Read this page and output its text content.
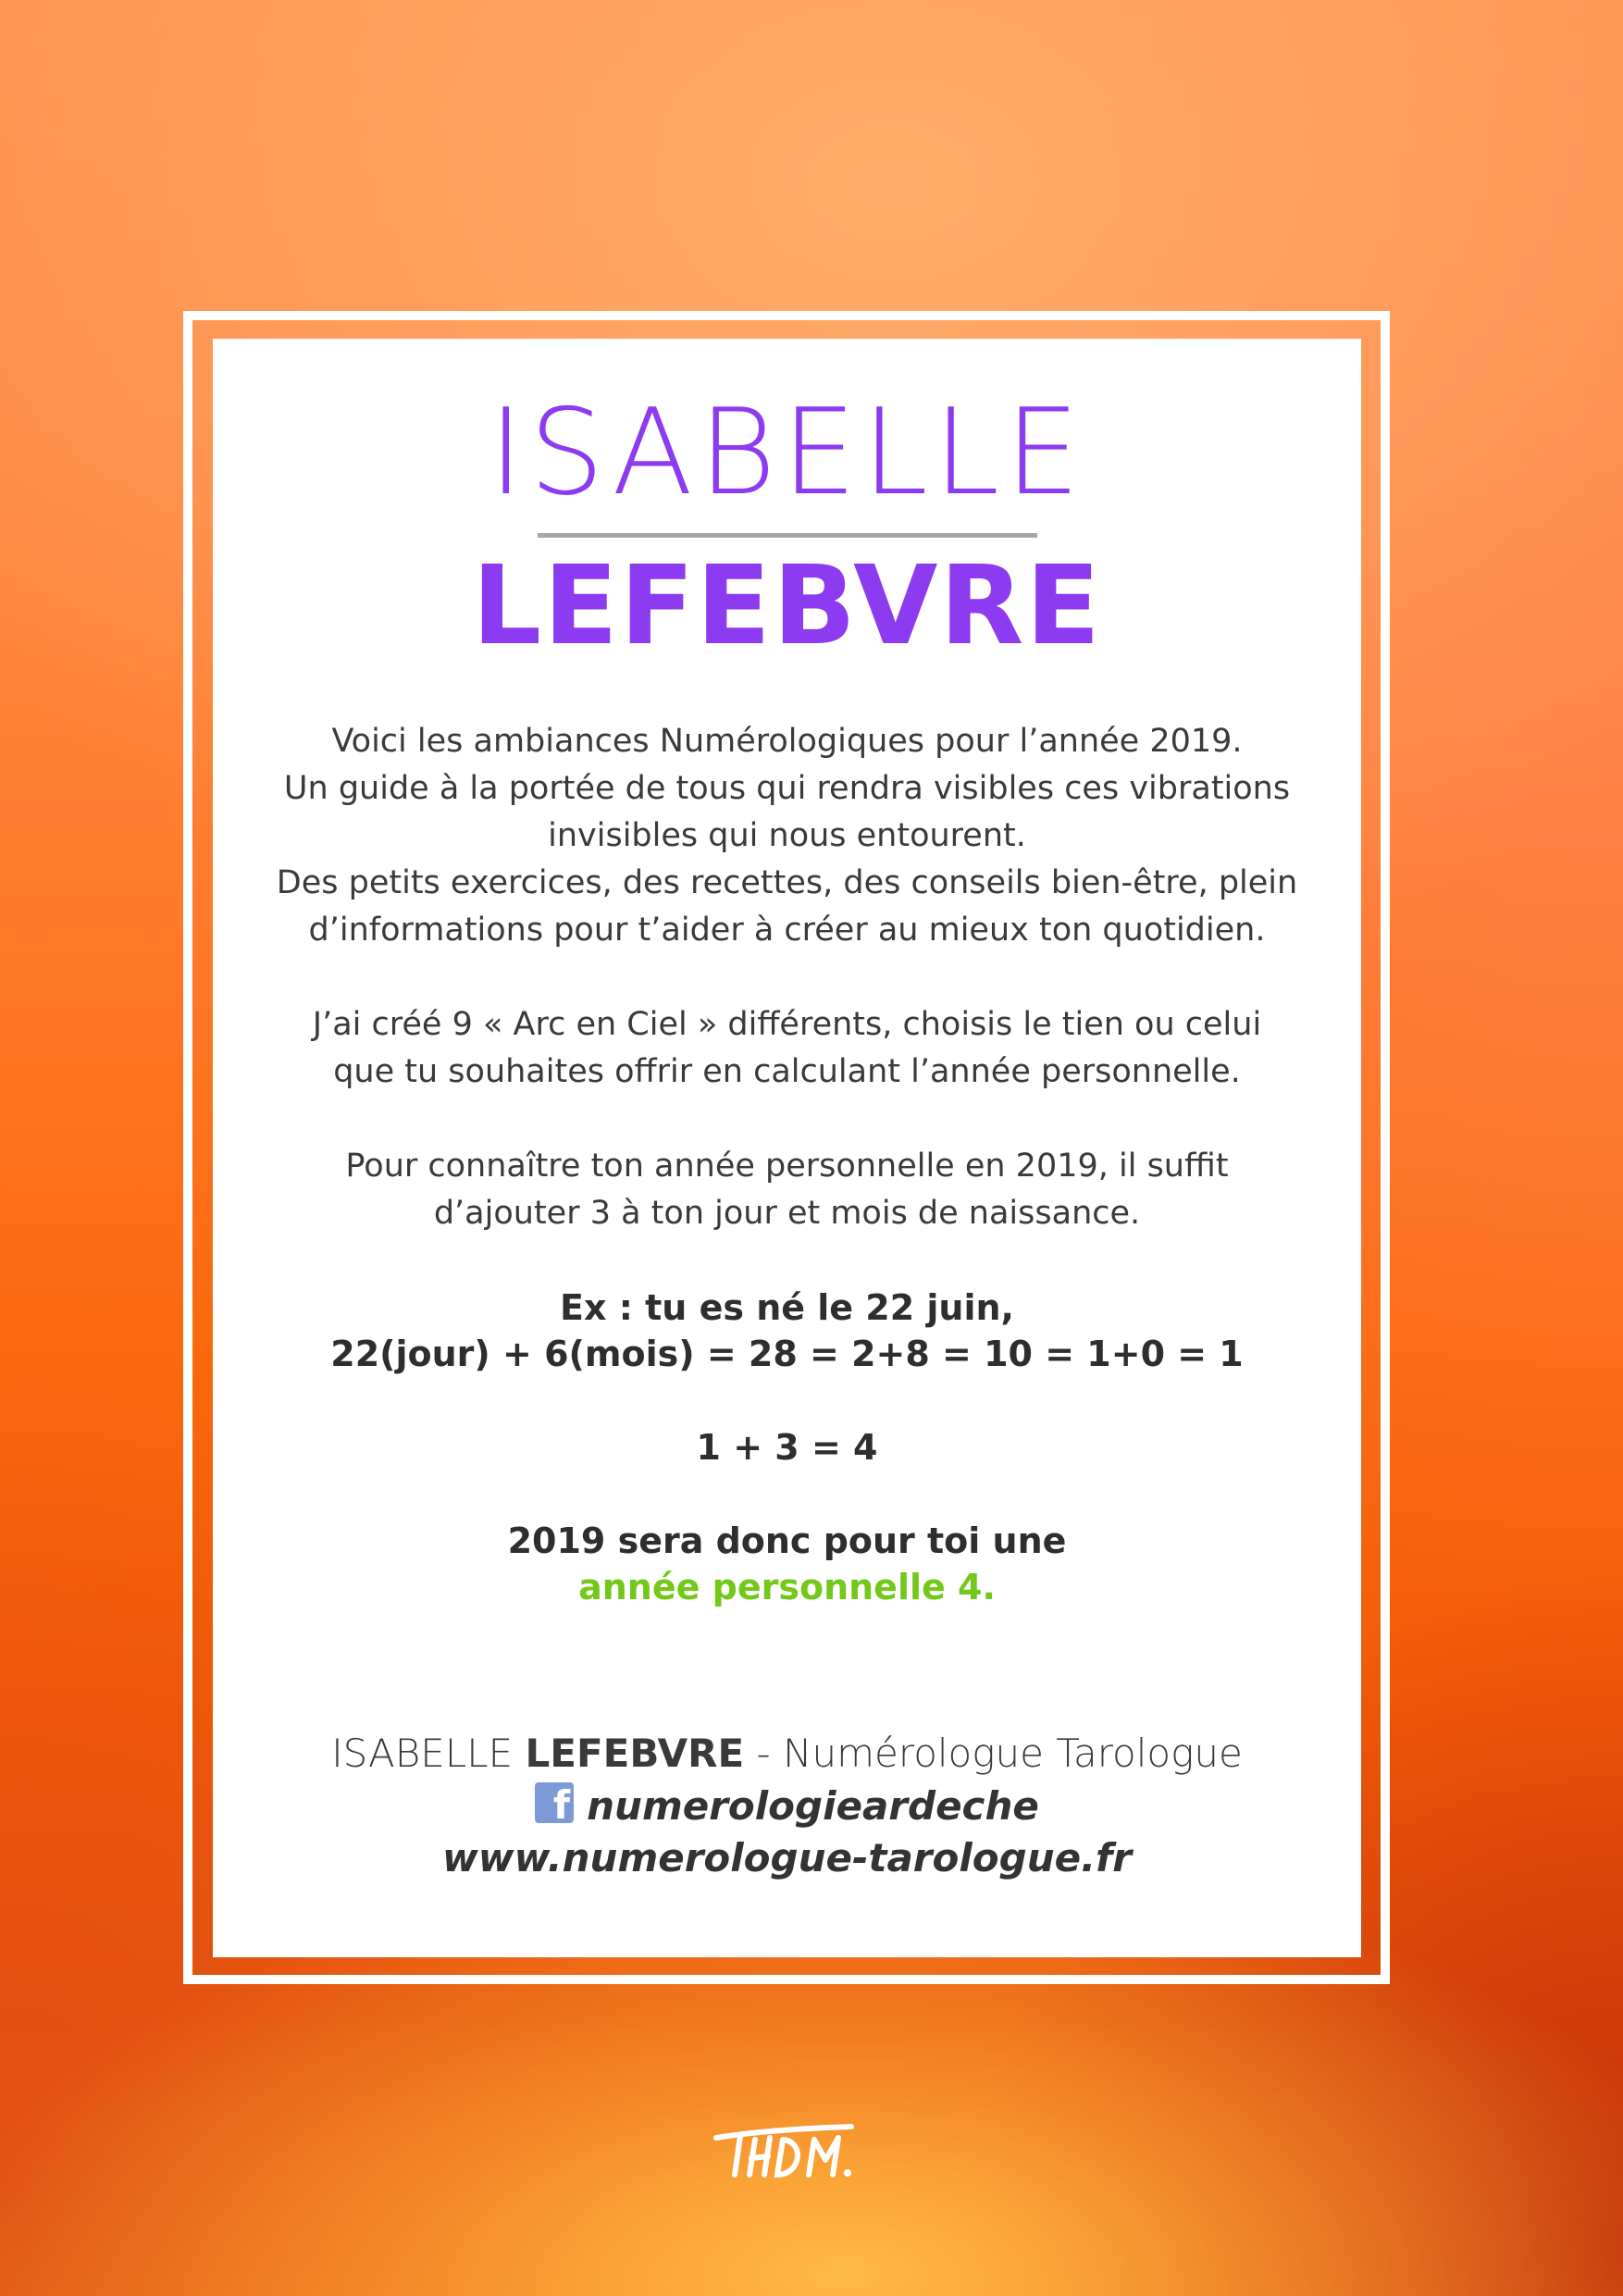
ISABELLE
LEFEBVRE

Voici les ambiances Numérologiques pour l’année 2019.

Un guide à la portée de tous qui rendra visibles ces vibrations

invisibles qui nous entourent.

Des petits exercices, des recettes, des conseils bien-être, plein

d’informations pour t’aider à créer au mieux ton quotidien.

J’ai créé 9 « Arc en Ciel » différents, choisis le tien ou celui

que tu souhaites offrir en calculant l’année personnelle.

Pour connaître ton année personnelle en 2019, il suffit

d’ajouter 3 à ton jour et mois de naissance.

Ex : tu es né le 22 juin,

22(jour) + 6(mois) = 28 = 2+8 = 10 = 1+0 = 1

1 + 3 = 4

2019 sera donc pour toi une

année personnelle 4.

ISABELLE LEFEBVRE - Numérologue Tarologue
f numerologieardeche
www.numerologue-tarologue.fr
